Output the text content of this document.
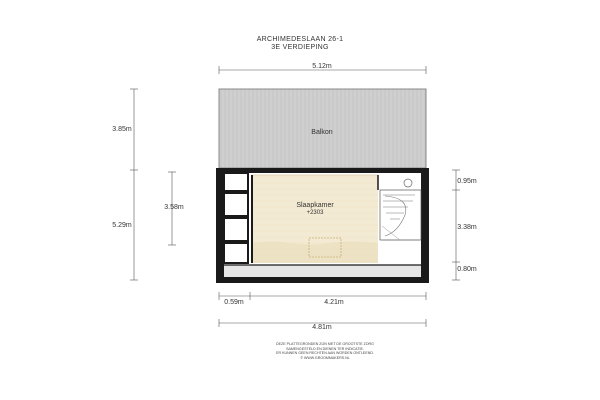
ARCHIMEDESLAAN 26-1
3E VERDIEPING
Balkon
Slaapkamer
+2303
5.12m
3.85m
5.29m
3.58m
0.95m
3.38m
0.80m
0.59m	4.21m
4.81m
DEZE PLATTEGRONDEN ZIJN MET DE GROOTSTE ZORG
SAMENGESTELD EN DIENEN TER INDICATIE.
ER KUNNEN GEEN RECHTEN AAN WORDEN ONTLEEND.
© WWW.GROOMMAKERS.NL
